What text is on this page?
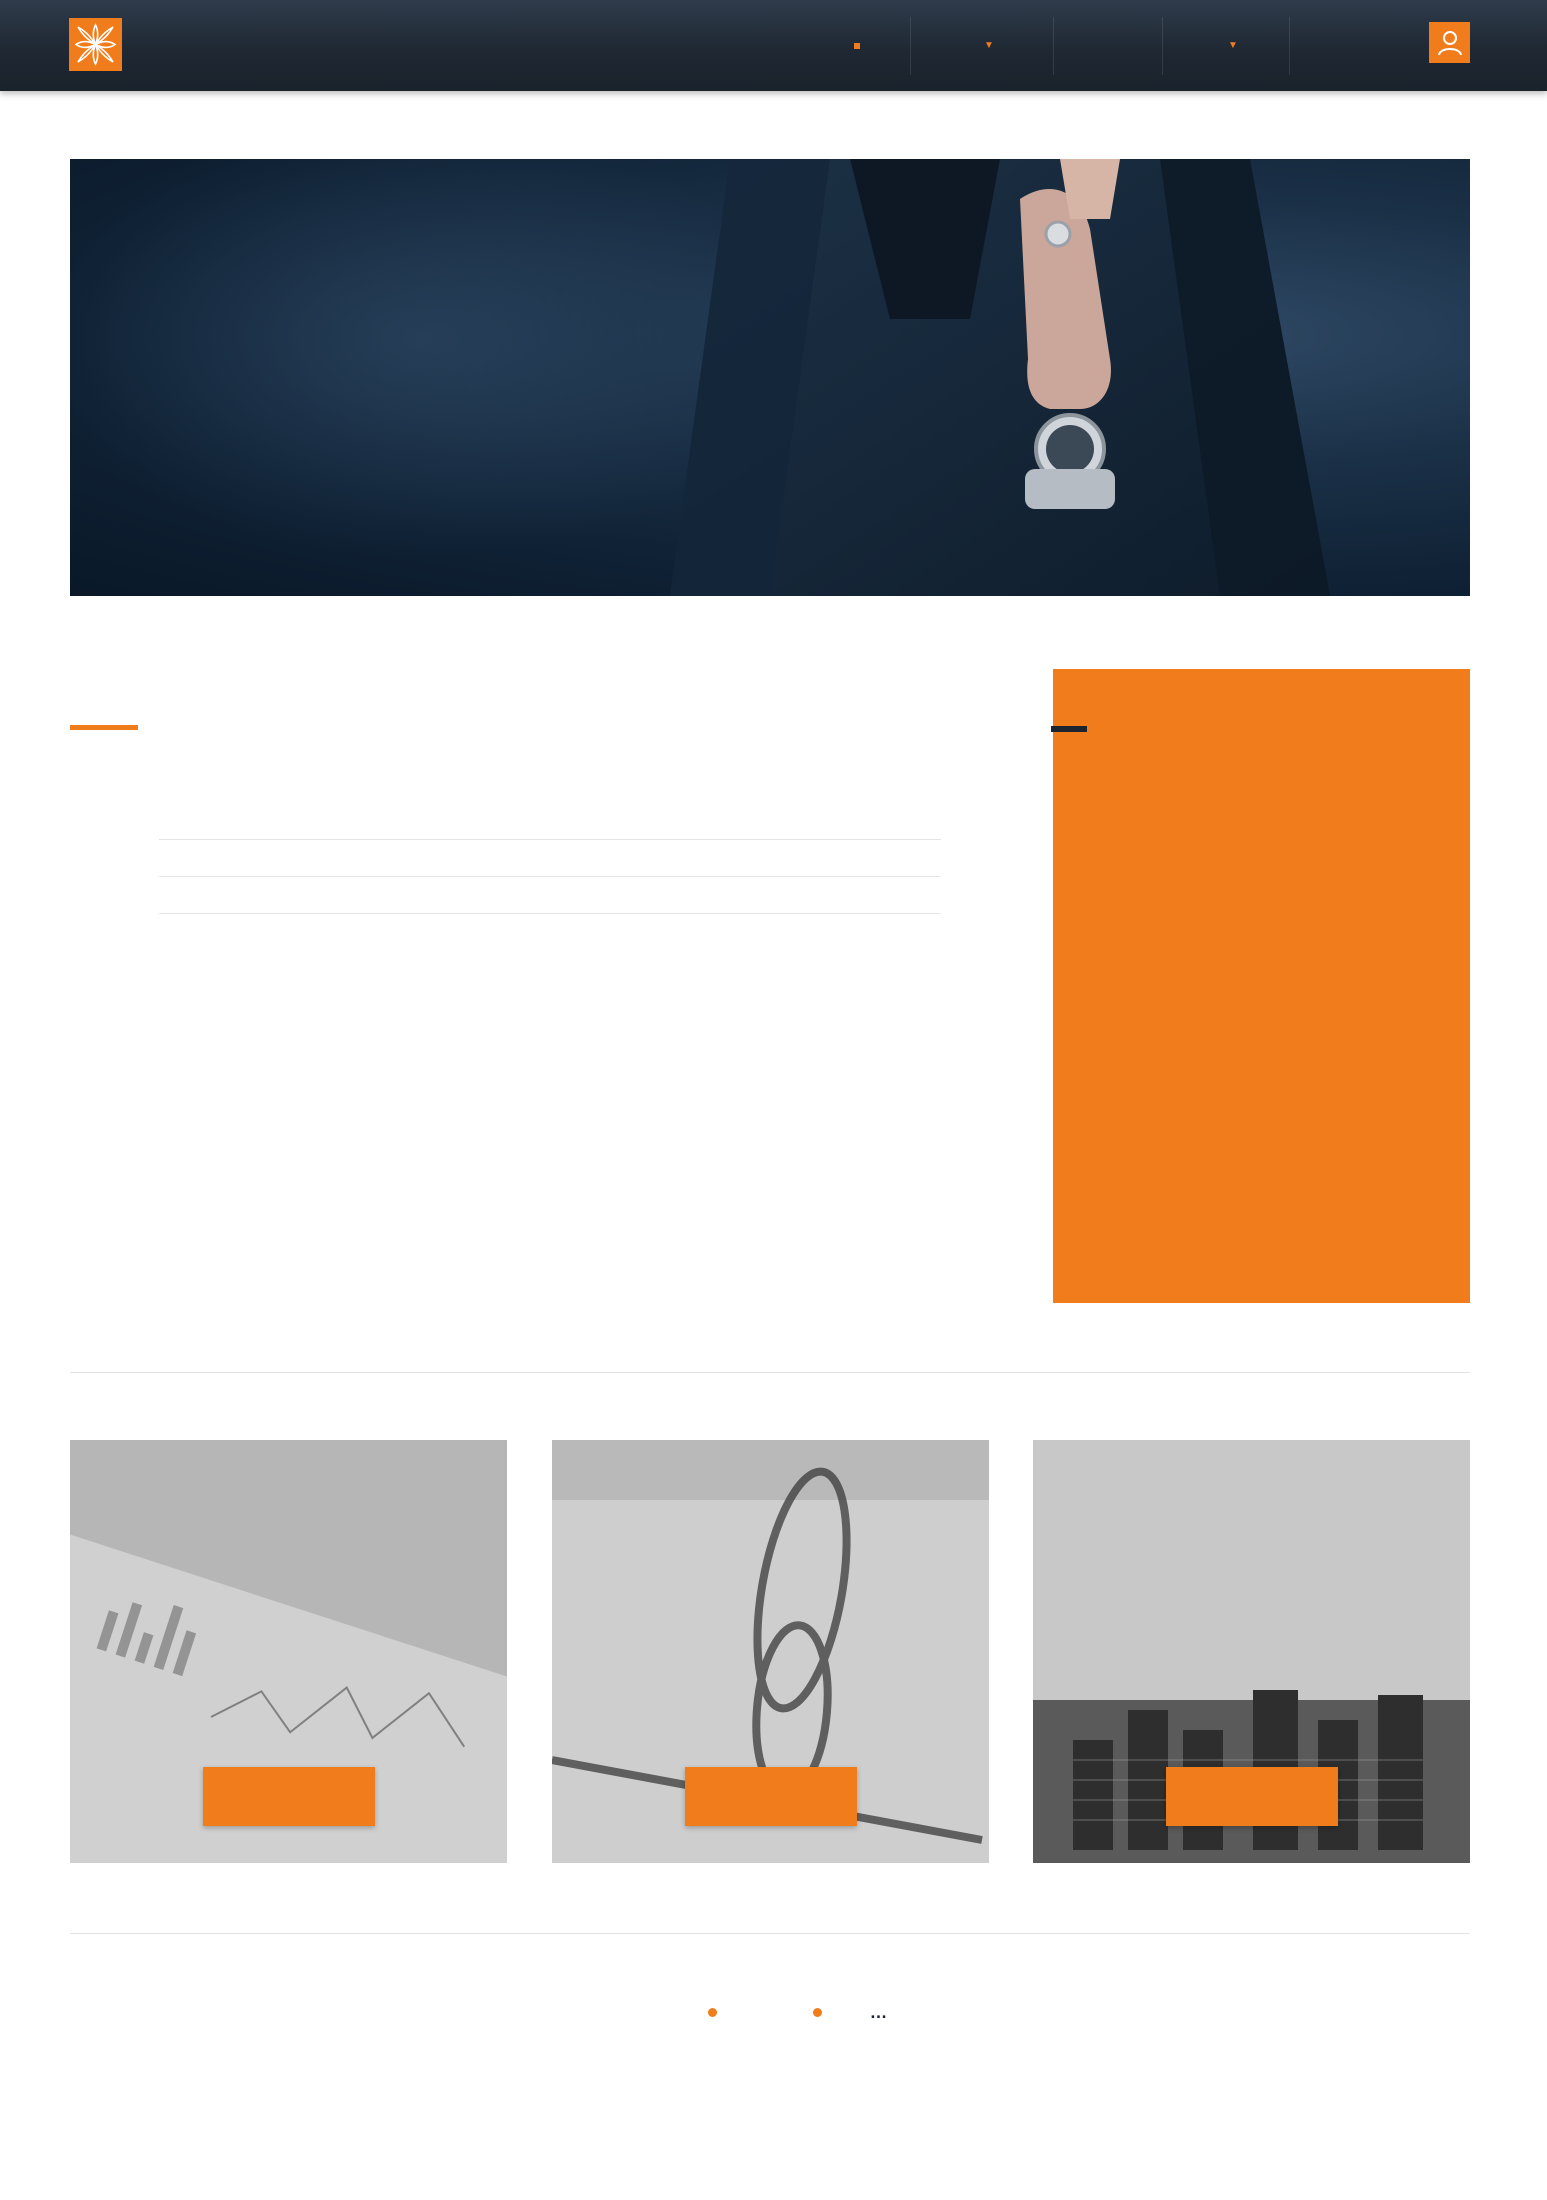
▼	▼

…
